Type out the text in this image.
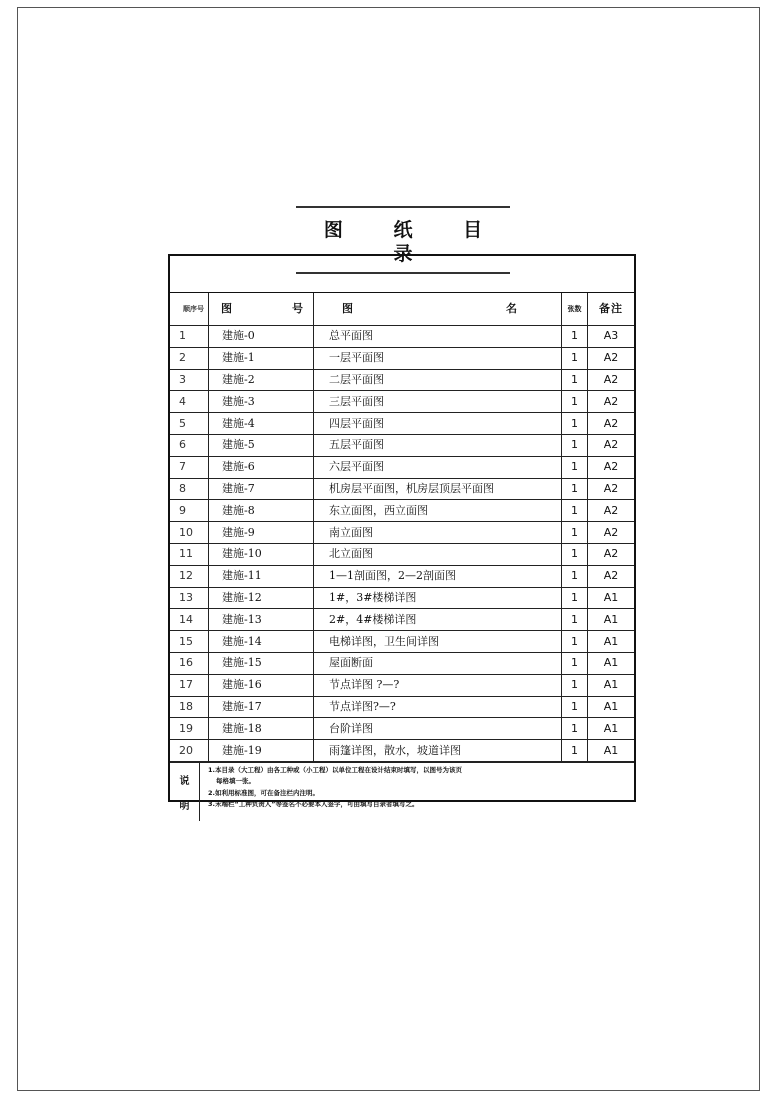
图 纸 目 录
顺序号	图 号	图 名	张数	备 注

1	建施-0	总平面图	1	A3
2	建施-1	一层平面图	1	A2
3	建施-2	二层平面图	1	A2
4	建施-3	三层平面图	1	A2
5	建施-4	四层平面图	1	A2
6	建施-5	五层平面图	1	A2
7	建施-6	六层平面图	1	A2
8	建施-7	机房层平面图，机房层顶层平面图	1	A2
9	建施-8	东立面图，西立面图	1	A2
10	建施-9	南立面图	1	A2
11	建施-10	北立面图	1	A2
12	建施-11	1—1剖面图，2—2剖面图	1	A2
13	建施-12	1#，3#楼梯详图	1	A1
14	建施-13	2#，4#楼梯详图	1	A1
15	建施-14	电梯详图，卫生间详图	1	A1
16	建施-15	屋面断面	1	A1
17	建施-16	节点详图 ?—?	1	A1
18	建施-17	节点详图?—?	1	A1
19	建施-18	台阶详图	1	A1
20	建施-19	雨篷详图，散水，坡道详图	1	A1
说
明
1.本目录（大工程）由各工种或（小工程）以单位工程在设计结束时填写，以图号为该页
每格填一张。
2.如利用标准图，可在备注栏内注明。
3.末端栏“工种负责人”等签名不必要本人签字，可由填写目录者填写之。
